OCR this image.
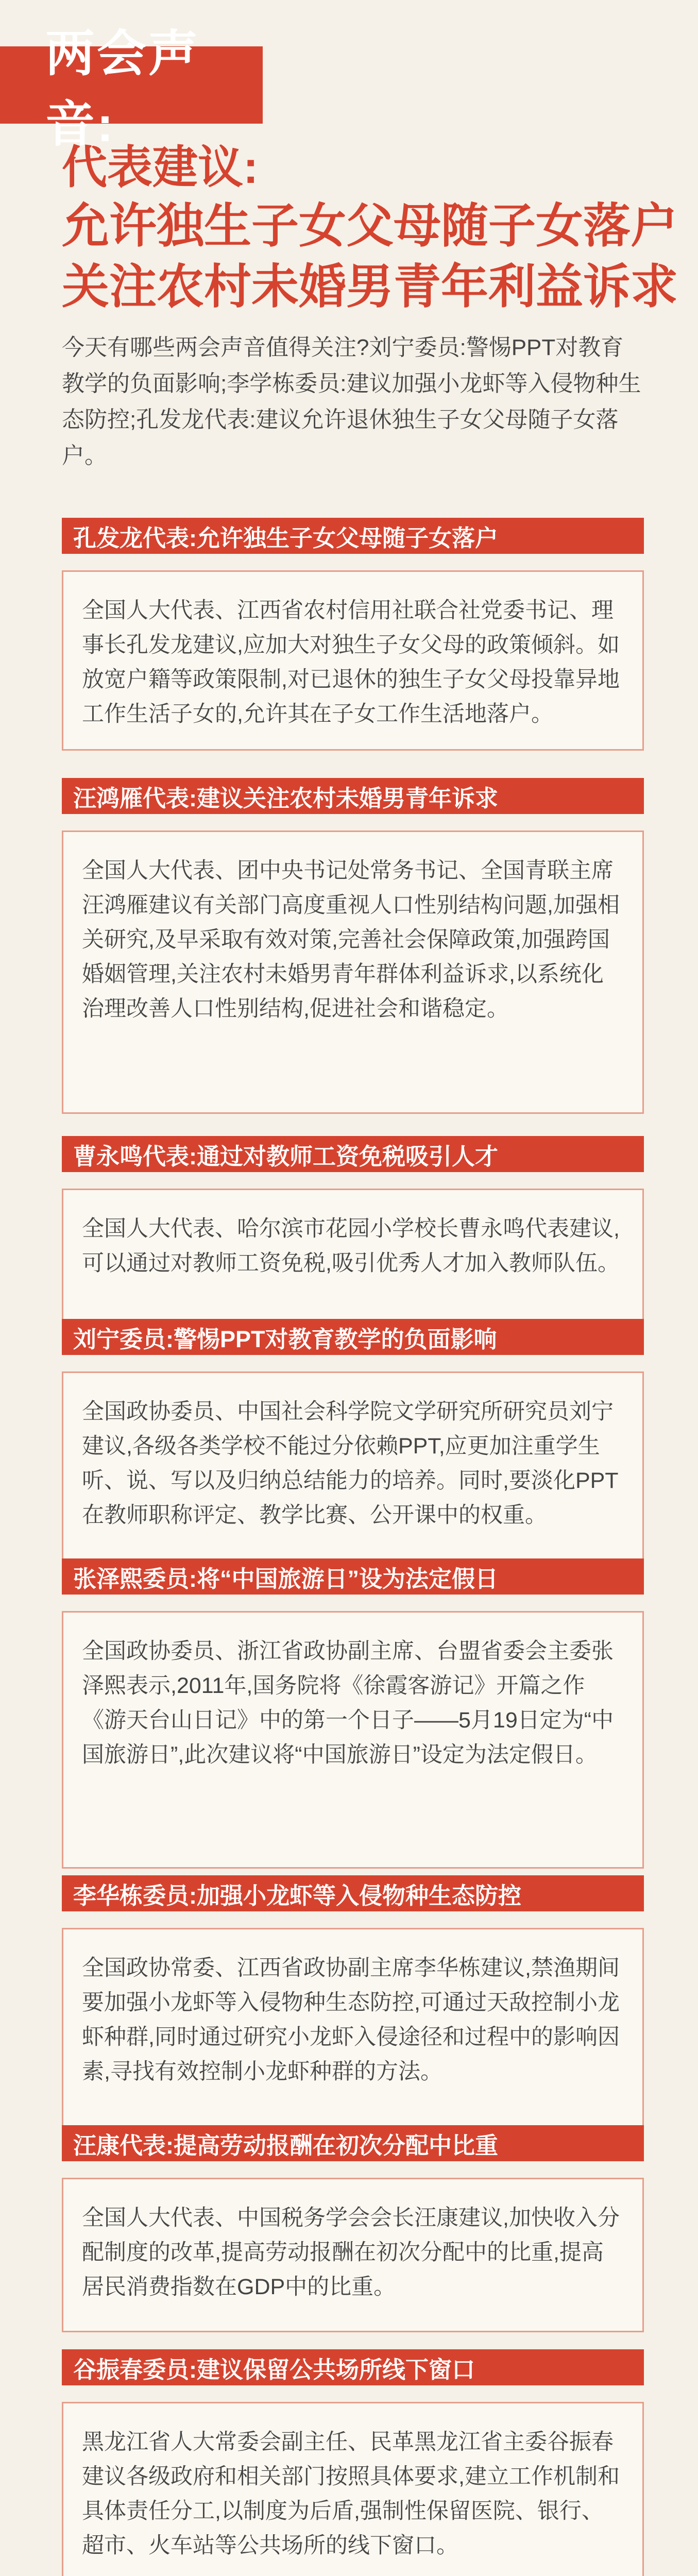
两会声音:
代表建议:
允许独生子女父母随子女落户
关注农村未婚男青年利益诉求
今天有哪些两会声音值得关注?刘宁委员:警惕PPT对教育教学的负面影响;李学栋委员:建议加强小龙虾等入侵物种生态防控;孔发龙代表:建议允许退休独生子女父母随子女落户。
孔发龙代表:允许独生子女父母随子女落户
全国人大代表、江西省农村信用社联合社党委书记、理事长孔发龙建议,应加大对独生子女父母的政策倾斜。如放宽户籍等政策限制,对已退休的独生子女父母投靠异地工作生活子女的,允许其在子女工作生活地落户。
汪鸿雁代表:建议关注农村未婚男青年诉求
全国人大代表、团中央书记处常务书记、全国青联主席汪鸿雁建议有关部门高度重视人口性别结构问题,加强相关研究,及早采取有效对策,完善社会保障政策,加强跨国婚姻管理,关注农村未婚男青年群体利益诉求,以系统化治理改善人口性别结构,促进社会和谐稳定。
曹永鸣代表:通过对教师工资免税吸引人才
全国人大代表、哈尔滨市花园小学校长曹永鸣代表建议,可以通过对教师工资免税,吸引优秀人才加入教师队伍。
刘宁委员:警惕PPT对教育教学的负面影响
全国政协委员、中国社会科学院文学研究所研究员刘宁建议,各级各类学校不能过分依赖PPT,应更加注重学生听、说、写以及归纳总结能力的培养。同时,要淡化PPT在教师职称评定、教学比赛、公开课中的权重。
张泽熙委员:将“中国旅游日”设为法定假日
全国政协委员、浙江省政协副主席、台盟省委会主委张泽熙表示,2011年,国务院将《徐霞客游记》开篇之作《游天台山日记》中的第一个日子——5月19日定为“中国旅游日”,此次建议将“中国旅游日”设定为法定假日。
李华栋委员:加强小龙虾等入侵物种生态防控
全国政协常委、江西省政协副主席李华栋建议,禁渔期间要加强小龙虾等入侵物种生态防控,可通过天敌控制小龙虾种群,同时通过研究小龙虾入侵途径和过程中的影响因素,寻找有效控制小龙虾种群的方法。
汪康代表:提高劳动报酬在初次分配中比重
全国人大代表、中国税务学会会长汪康建议,加快收入分配制度的改革,提高劳动报酬在初次分配中的比重,提高居民消费指数在GDP中的比重。
谷振春委员:建议保留公共场所线下窗口
黑龙江省人大常委会副主任、民革黑龙江省主委谷振春建议各级政府和相关部门按照具体要求,建立工作机制和具体责任分工,以制度为后盾,强制性保留医院、银行、超市、火车站等公共场所的线下窗口。
